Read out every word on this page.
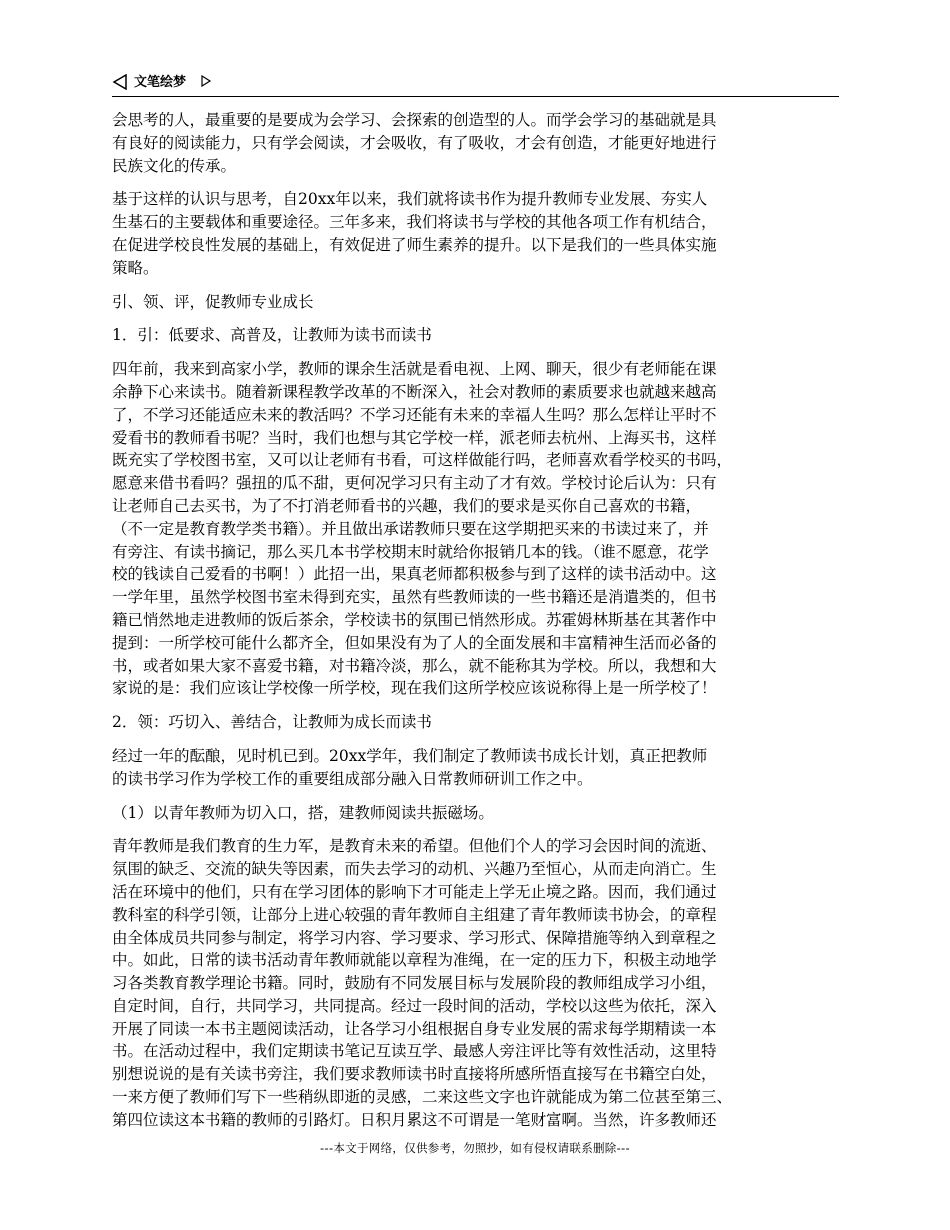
文笔绘梦

会思考的人，最重要的是要成为会学习、会探索的创造型的人。而学会学习的基础就是具
有良好的阅读能力，只有学会阅读，才会吸收，有了吸收，才会有创造，才能更好地进行
民族文化的传承。

基于这样的认识与思考，自20xx年以来，我们就将读书作为提升教师专业发展、夯实人
生基石的主要载体和重要途径。三年多来，我们将读书与学校的其他各项工作有机结合，
在促进学校良性发展的基础上，有效促进了师生素养的提升。以下是我们的一些具体实施
策略。

引、领、评，促教师专业成长

1．引：低要求、高普及，让教师为读书而读书

四年前，我来到高家小学，教师的课余生活就是看电视、上网、聊天，很少有老师能在课
余静下心来读书。随着新课程教学改革的不断深入，社会对教师的素质要求也就越来越高
了，不学习还能适应未来的教活吗？不学习还能有未来的幸福人生吗？那么怎样让平时不
爱看书的教师看书呢？当时，我们也想与其它学校一样，派老师去杭州、上海买书，这样
既充实了学校图书室，又可以让老师有书看，可这样做能行吗，老师喜欢看学校买的书吗，
愿意来借书看吗？强扭的瓜不甜，更何况学习只有主动了才有效。学校讨论后认为：只有
让老师自己去买书，为了不打消老师看书的兴趣，我们的要求是买你自己喜欢的书籍，
（不一定是教育教学类书籍）。并且做出承诺教师只要在这学期把买来的书读过来了，并
有旁注、有读书摘记，那么买几本书学校期末时就给你报销几本的钱。（谁不愿意，花学
校的钱读自己爱看的书啊！）此招一出，果真老师都积极参与到了这样的读书活动中。这
一学年里，虽然学校图书室未得到充实，虽然有些教师读的一些书籍还是消遣类的，但书
籍已悄然地走进教师的饭后茶余，学校读书的氛围已悄然形成。苏霍姆林斯基在其著作中
提到：一所学校可能什么都齐全，但如果没有为了人的全面发展和丰富精神生活而必备的
书，或者如果大家不喜爱书籍，对书籍冷淡，那么，就不能称其为学校。所以，我想和大
家说的是：我们应该让学校像一所学校，现在我们这所学校应该说称得上是一所学校了！

2．领：巧切入、善结合，让教师为成长而读书

经过一年的酝酿，见时机已到。20xx学年，我们制定了教师读书成长计划，真正把教师
的读书学习作为学校工作的重要组成部分融入日常教师研训工作之中。

（1）以青年教师为切入口，搭，建教师阅读共振磁场。

青年教师是我们教育的生力军，是教育未来的希望。但他们个人的学习会因时间的流逝、
氛围的缺乏、交流的缺失等因素，而失去学习的动机、兴趣乃至恒心，从而走向消亡。生
活在环境中的他们，只有在学习团体的影响下才可能走上学无止境之路。因而，我们通过
教科室的科学引领，让部分上进心较强的青年教师自主组建了青年教师读书协会，的章程
由全体成员共同参与制定，将学习内容、学习要求、学习形式、保障措施等纳入到章程之
中。如此，日常的读书活动青年教师就能以章程为准绳，在一定的压力下，积极主动地学
习各类教育教学理论书籍。同时，鼓励有不同发展目标与发展阶段的教师组成学习小组，
自定时间，自行，共同学习，共同提高。经过一段时间的活动，学校以这些为依托，深入
开展了同读一本书主题阅读活动，让各学习小组根据自身专业发展的需求每学期精读一本
书。在活动过程中，我们定期读书笔记互读互学、最感人旁注评比等有效性活动，这里特
别想说说的是有关读书旁注，我们要求教师读书时直接将所感所悟直接写在书籍空白处，
一来方便了教师们写下一些稍纵即逝的灵感，二来这些文字也许就能成为第二位甚至第三、
第四位读这本书籍的教师的引路灯。日积月累这不可谓是一笔财富啊。当然，许多教师还

---本文于网络，仅供参考，勿照抄，如有侵权请联系删除---
